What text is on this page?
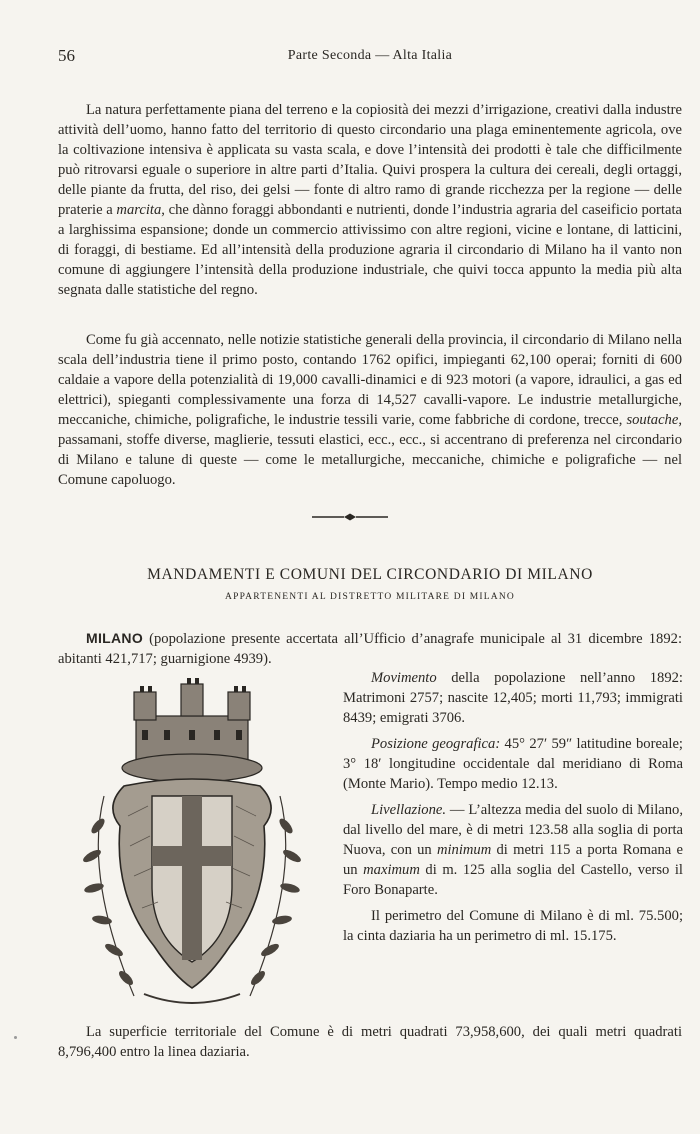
56	Parte Seconda — Alta Italia
La natura perfettamente piana del terreno e la copiosità dei mezzi d’irrigazione, creativi dalla industre attività dell’uomo, hanno fatto del territorio di questo circondario una plaga eminentemente agricola, ove la coltivazione intensiva è applicata su vasta scala, e dove l’intensità dei prodotti è tale che difficilmente può ritrovarsi eguale o superiore in altre parti d’Italia. Quivi prospera la cultura dei cereali, degli ortaggi, delle piante da frutta, del riso, dei gelsi — fonte di altro ramo di grande ricchezza per la regione — delle praterie a marcita, che dànno foraggi abbondanti e nutrienti, donde l’industria agraria del caseificio portata a larghissima espansione; donde un commercio attivissimo con altre regioni, vicine e lontane, di latticini, di foraggi, di bestiame. Ed all’intensità della produzione agraria il circondario di Milano ha il vanto non comune di aggiungere l’intensità della produzione industriale, che quivi tocca appunto la media più alta segnata dalle statistiche del regno.
Come fu già accennato, nelle notizie statistiche generali della provincia, il circondario di Milano nella scala dell’industria tiene il primo posto, contando 1762 opifici, impieganti 62,100 operai; forniti di 600 caldaie a vapore della potenzialità di 19,000 cavalli-dinamici e di 923 motori (a vapore, idraulici, a gas ed elettrici), spieganti complessivamente una forza di 14,527 cavalli-vapore. Le industrie metallurgiche, meccaniche, chimiche, poligrafiche, le industrie tessili varie, come fabbriche di cordone, trecce, soutache, passamani, stoffe diverse, maglierie, tessuti elastici, ecc., ecc., si accentrano di preferenza nel circondario di Milano e talune di queste — come le metallurgiche, meccaniche, chimiche e poligrafiche — nel Comune capoluogo.
MANDAMENTI E COMUNI DEL CIRCONDARIO DI MILANO
APPARTENENTI AL DISTRETTO MILITARE DI MILANO
MILANO (popolazione presente accertata all’Ufficio d’anagrafe municipale al 31 dicembre 1892: abitanti 421,717; guarnigione 4939).

Movimento della popolazione nell’anno 1892: Matrimoni 2757; nascite 12,405; morti 11,793; immigrati 8439; emigrati 3706.

Posizione geografica: 45° 27′ 59″ latitudine boreale; 3° 18′ longitudine occidentale dal meridiano di Roma (Monte Mario). Tempo medio 12.13.

Livellazione. — L’altezza media del suolo di Milano, dal livello del mare, è di metri 123.58 alla soglia di porta Nuova, con un minimum di metri 115 a porta Romana e un maximum di m. 125 alla soglia del Castello, verso il Foro Bonaparte.

Il perimetro del Comune di Milano è di ml. 75.500; la cinta daziaria ha un perimetro di ml. 15.175.

La superficie territoriale del Comune è di metri quadrati 73,958,600, dei quali metri quadrati 8,796,400 entro la linea daziaria.
